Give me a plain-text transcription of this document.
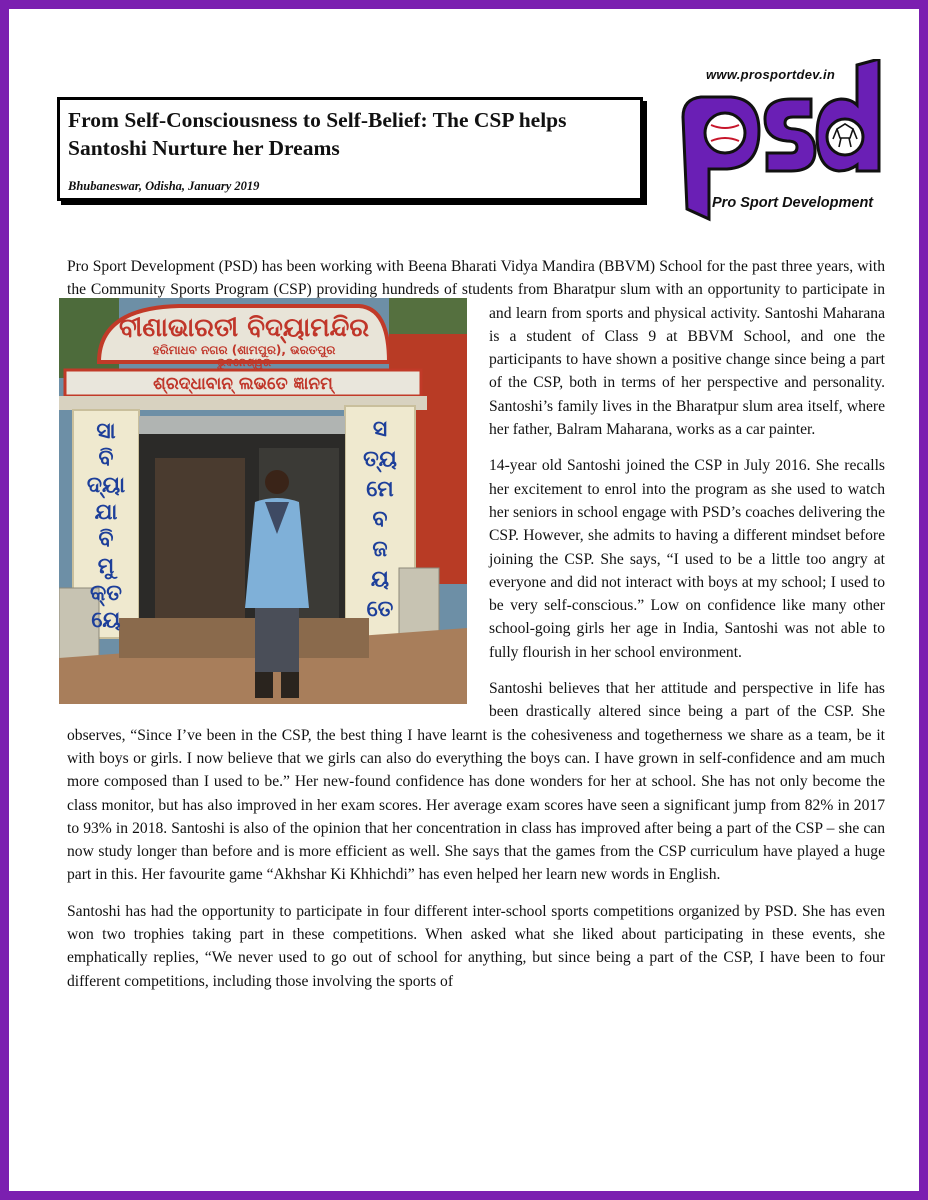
From Self-Consciousness to Self-Belief: The CSP helps Santoshi Nurture her Dreams
Bhubaneswar, Odisha, January 2019
www.prosportdev.in
Pro Sport Development

Pro Sport Development (PSD) has been working with Beena Bharati Vidya Mandira (BBVM) School for the past three years, with the Community Sports Program (CSP) providing hundreds of students from
Bharatpur slum with an opportunity to participate in and learn from sports and physical activity. Santoshi Maharana is a student of Class 9 at BBVM School, and one the participants to have shown a positive change since being a part of the CSP, both in terms of her perspective and personality. Santoshi’s family lives in the Bharatpur slum area itself, where her father, Balram Maharana, works as a car painter.

14-year old Santoshi joined the CSP in July 2016. She recalls her excitement to enrol into the program as she used to watch her seniors in school engage with PSD’s coaches delivering the CSP. However, she admits to having a different mindset before joining the CSP. She says, “I used to be a little too angry at everyone and did not interact with boys at my school; I used to be very self-conscious.” Low on confidence like many other school-going girls her age in India, Santoshi was not able to fully flourish in her school environment.

Santoshi believes that her attitude and perspective in life has been drastically altered since being a part of the CSP. She observes, “Since I’ve been in the CSP, the best thing I have learnt is the cohesiveness and togetherness we share as a team, be it with boys or girls. I now believe that we girls can also do everything the boys can. I have grown in self-confidence and am much more composed than I used to be.” Her new-found confidence has done wonders for her at school. She has not only become the class monitor, but has also improved in her exam scores. Her average exam scores have seen a significant jump from 82% in 2017 to 93% in 2018. Santoshi is also of the opinion that her concentration in class has improved after being a part of the CSP – she can now study longer than before and is more efficient as well. She says that the games from the CSP curriculum have played a huge part in this. Her favourite game “Akhshar Ki Khhichdi” has even helped her learn new words in English.

Santoshi has had the opportunity to participate in four different inter-school sports competitions organized by PSD. She has even won two trophies taking part in these competitions. When asked what she liked about participating in these events, she emphatically replies, “We never used to go out of school for anything, but since being a part of the CSP, I have been to four different competitions, including those involving the sports of

ବୀଣାଭାରତୀ ବିଦ୍ୟାମନ୍ଦିର
ହରିମାଧବ ନଗର (ଶାମପୁର), ଭରତପୁର
ଭୁବନେଶ୍ୱର
ଶ୍ରଦ୍ଧାବାନ୍ ଲଭତେ ଜ୍ଞାନମ୍
ସା
ବି
ଦ୍ୟା
ଯା
ବି
ମୁ
କ୍ତ
ୟେ
ସ
ତ୍ୟ
ମେ
ବ
ଜ
ୟ
ତେ
